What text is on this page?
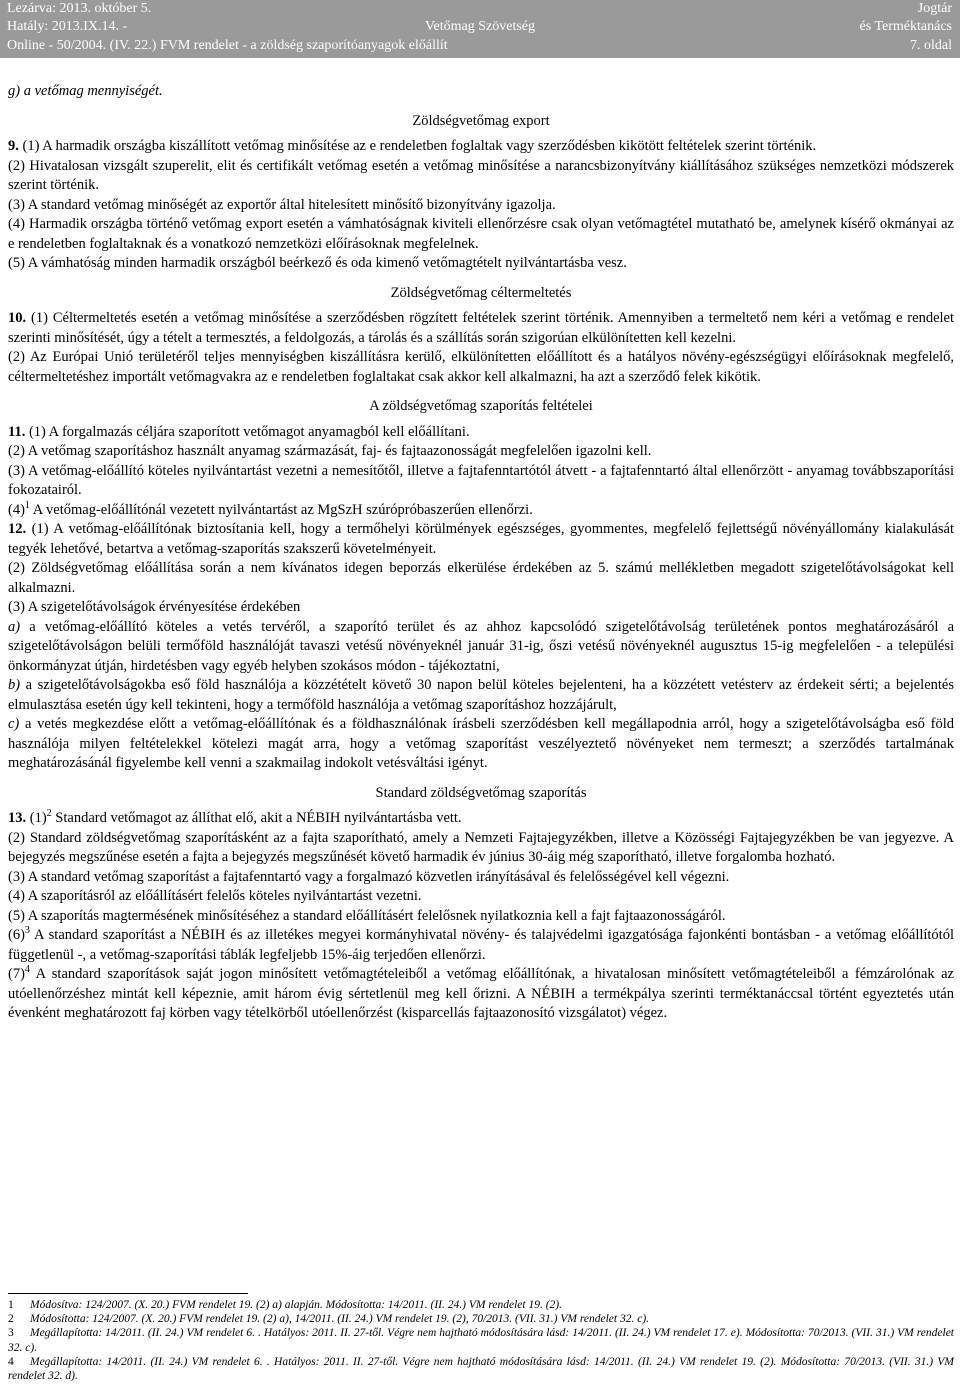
Lezárva: 2013. október 5.
Hatály: 2013.IX.14. -
Online - 50/2004. (IV. 22.) FVM rendelet - a zöldség szaporítóanyagok előállít
Vetőmag Szövetség
Jogtár
és Terméktanács
7. oldal

g) a vetőmag mennyiségét.

Zöldségvetőmag export

9. (1) A harmadik országba kiszállított vetőmag minősítése az e rendeletben foglaltak vagy szerződésben kikötött feltételek szerint történik.

(2) Hivatalosan vizsgált szuperelit, elit és certifikált vetőmag esetén a vetőmag minősítése a narancsbizonyítvány kiállításához szükséges nemzetközi módszerek szerint történik.

(3) A standard vetőmag minőségét az exportőr által hitelesített minősítő bizonyítvány igazolja.

(4) Harmadik országba történő vetőmag export esetén a vámhatóságnak kiviteli ellenőrzésre csak olyan vetőmagtétel mutatható be, amelynek kísérő okmányai az e rendeletben foglaltaknak és a vonatkozó nemzetközi előírásoknak megfelelnek.

(5) A vámhatóság minden harmadik országból beérkező és oda kimenő vetőmagtételt nyilvántartásba vesz.

Zöldségvetőmag céltermeltetés

10. (1) Céltermeltetés esetén a vetőmag minősítése a szerződésben rögzített feltételek szerint történik. Amennyiben a termeltető nem kéri a vetőmag e rendelet szerinti minősítését, úgy a tételt a termesztés, a feldolgozás, a tárolás és a szállítás során szigorúan elkülönítetten kell kezelni.

(2) Az Európai Unió területéről teljes mennyiségben kiszállításra kerülő, elkülönítetten előállított és a hatályos növény-egészségügyi előírásoknak megfelelő, céltermeltetéshez importált vetőmagvakra az e rendeletben foglaltakat csak akkor kell alkalmazni, ha azt a szerződő felek kikötik.

A zöldségvetőmag szaporítás feltételei

11. (1) A forgalmazás céljára szaporított vetőmagot anyamagból kell előállítani.

(2) A vetőmag szaporításhoz használt anyamag származását, faj- és fajtaazonosságát megfelelően igazolni kell.

(3) A vetőmag-előállító köteles nyilvántartást vezetni a nemesítőtől, illetve a fajtafenntartótól átvett - a fajtafenntartó által ellenőrzött - anyamag továbbszaporítási fokozatairól.

$(4)^1$ A vetőmag-előállítónál vezetett nyilvántartást az MgSzH szúrópróbaszerűen ellenőrzi.

12. (1) A vetőmag-előállítónak biztosítania kell, hogy a termőhelyi körülmények egészséges, gyommentes, megfelelő fejlettségű növényállomány kialakulását tegyék lehetővé, betartva a vetőmag-szaporítás szakszerű követelményeit.

(2) Zöldségvetőmag előállítása során a nem kívánatos idegen beporzás elkerülése érdekében az 5. számú mellékletben megadott szigetelőtávolságokat kell alkalmazni.

(3) A szigetelőtávolságok érvényesítése érdekében

a) a vetőmag-előállító köteles a vetés tervéről, a szaporító terület és az ahhoz kapcsolódó szigetelőtávolság területének pontos meghatározásáról a szigetelőtávolságon belüli termőföld használóját tavaszi vetésű növényeknél január 31-ig, őszi vetésű növényeknél augusztus 15-ig megfelelően - a települési önkormányzat útján, hirdetésben vagy egyéb helyben szokásos módon - tájékoztatni,

b) a szigetelőtávolságokba eső föld használója a közzétételt követő 30 napon belül köteles bejelenteni, ha a közzétett vetésterv az érdekeit sérti; a bejelentés elmulasztása esetén úgy kell tekinteni, hogy a termőföld használója a vetőmag szaporításhoz hozzájárult,

c) a vetés megkezdése előtt a vetőmag-előállítónak és a földhasználónak írásbeli szerződésben kell megállapodnia arról, hogy a szigetelőtávolságba eső föld használója milyen feltételekkel kötelezi magát arra, hogy a vetőmag szaporítást veszélyeztető növényeket nem termeszt; a szerződés tartalmának meghatározásánál figyelembe kell venni a szakmailag indokolt vetésváltási igényt.

Standard zöldségvetőmag szaporítás

13. $(1)^2$ Standard vetőmagot az állíthat elő, akit a NÉBIH nyilvántartásba vett.

(2) Standard zöldségvetőmag szaporításként az a fajta szaporítható, amely a Nemzeti Fajtajegyzékben, illetve a Közösségi Fajtajegyzékben be van jegyezve. A bejegyzés megszűnése esetén a fajta a bejegyzés megszűnését követő harmadik év június 30-áig még szaporítható, illetve forgalomba hozható.

(3) A standard vetőmag szaporítást a fajtafenntartó vagy a forgalmazó közvetlen irányításával és felelősségével kell végezni.

(4) A szaporításról az előállításért felelős köteles nyilvántartást vezetni.

(5) A szaporítás magtermésének minősítéséhez a standard előállításért felelősnek nyilatkoznia kell a fajt fajtaazonosságáról.

$(6)^3$ A standard szaporítást a NÉBIH és az illetékes megyei kormányhivatal növény- és talajvédelmi igazgatósága fajonkénti bontásban - a vetőmag előállítótól függetlenül -, a vetőmag-szaporítási táblák legfeljebb 15%-áig terjedően ellenőrzi.

$(7)^4$ A standard szaporítások saját jogon minősített vetőmagtételeiből a vetőmag előállítónak, a hivatalosan minősített vetőmagtételeiből a fémzárolónak az utóellenőrzéshez mintát kell képeznie, amit három évig sértetlenül meg kell őrizni. A NÉBIH a termékpálya szerinti terméktanáccsal történt egyeztetés után évenként meghatározott faj körben vagy tételkörből utóellenőrzést (kisparcellás fajtaazonosító vizsgálatot) végez.

1 Módosítva: 124/2007. (X. 20.) FVM rendelet 19. (2) a) alapján. Módosította: 14/2011. (II. 24.) VM rendelet 19. (2).

2 Módosította: 124/2007. (X. 20.) FVM rendelet 19. (2) a), 14/2011. (II. 24.) VM rendelet 19. (2), 70/2013. (VII. 31.) VM rendelet 32. c).

3 Megállapította: 14/2011. (II. 24.) VM rendelet 6. . Hatályos: 2011. II. 27-től. Végre nem hajtható módosítására lásd: 14/2011. (II. 24.) VM rendelet 17. e). Módosította: 70/2013. (VII. 31.) VM rendelet 32. c).

4 Megállapította: 14/2011. (II. 24.) VM rendelet 6. . Hatályos: 2011. II. 27-től. Végre nem hajtható módosítására lásd: 14/2011. (II. 24.) VM rendelet 19. (2). Módosította: 70/2013. (VII. 31.) VM rendelet 32. d).
